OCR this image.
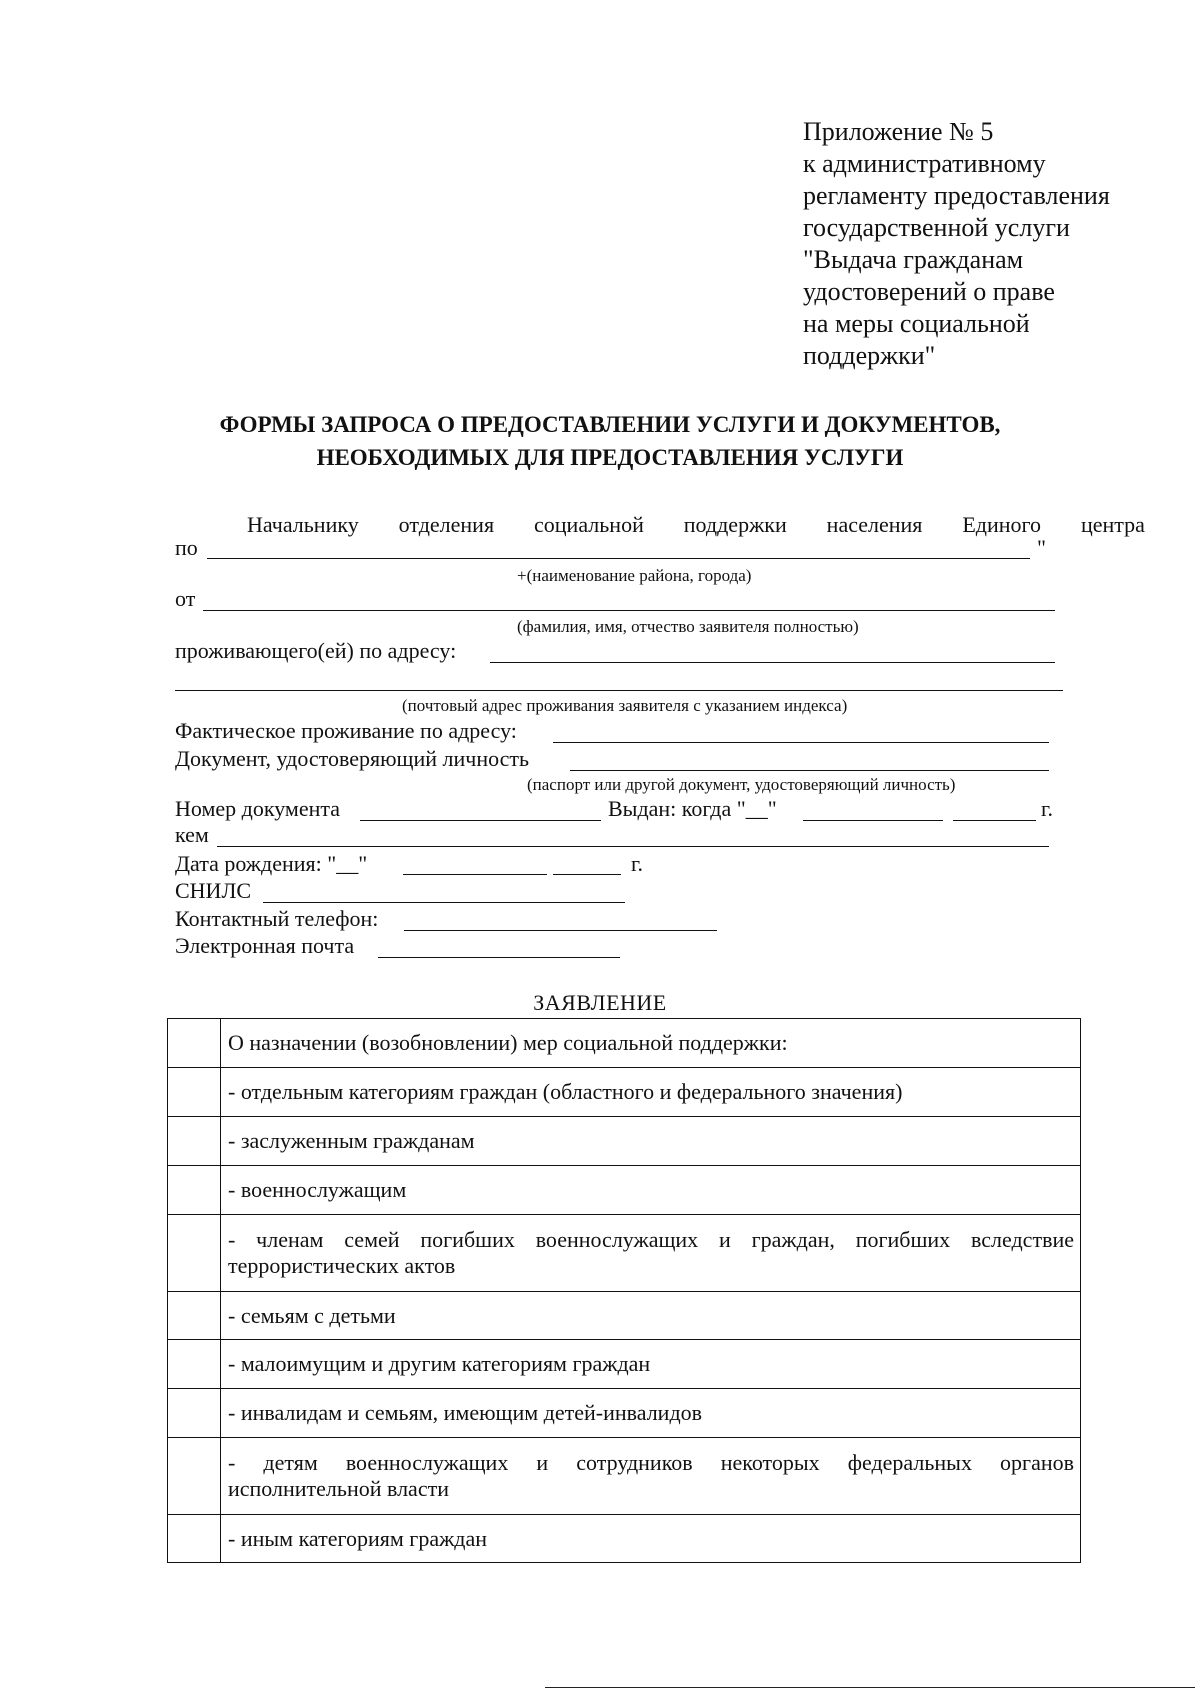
Приложение № 5
к административному
регламенту предоставления
государственной услуги
"Выдача гражданам
удостоверений о праве
на меры социальной
поддержки"
ФОРМЫ ЗАПРОСА О ПРЕДОСТАВЛЕНИИ УСЛУГИ И ДОКУМЕНТОВ,
НЕОБХОДИМЫХ ДЛЯ ПРЕДОСТАВЛЕНИЯ УСЛУГИ
Начальнику отделения социальной поддержки населения Единого центра
по	"
+(наименование района, города)
от
(фамилия, имя, отчество заявителя полностью)
проживающего(ей) по адресу:
(почтовый адрес проживания заявителя с указанием индекса)
Фактическое проживание по адресу:
Документ, удостоверяющий личность
(паспорт или другой документ, удостоверяющий личность)
Номер документа	Выдан: когда "__"	г.
кем
Дата рождения: "__"	г.
СНИЛС
Контактный телефон:
Электронная почта
ЗАЯВЛЕНИЕ
	О назначении (возобновлении) мер социальной поддержки:
	- отдельным категориям граждан (областного и федерального значения)
	- заслуженным гражданам
	- военнослужащим
	- членам семей погибших военнослужащих и граждан, погибших вследствие террористических актов
	- семьям с детьми
	- малоимущим и другим категориям граждан
	- инвалидам и семьям, имеющим детей-инвалидов
	- детям военнослужащих и сотрудников некоторых федеральных органов исполнительной власти
	- иным категориям граждан
